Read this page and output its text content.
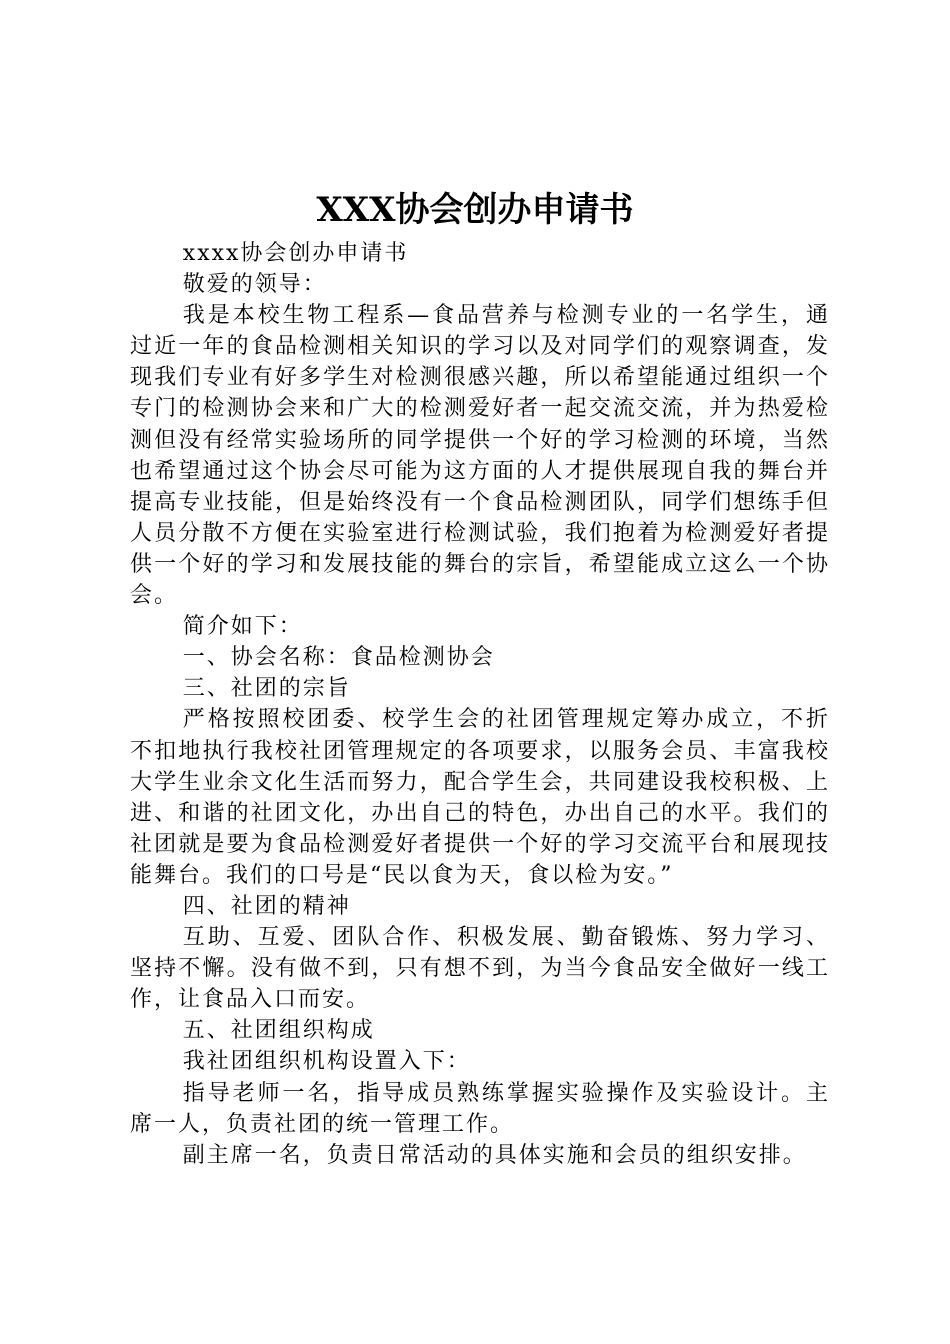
XXX协会创办申请书

xxxx协会创办申请书

敬爱的领导：

我是本校生物工程系—食品营养与检测专业的一名学生，通过近一年的食品检测相关知识的学习以及对同学们的观察调查，发现我们专业有好多学生对检测很感兴趣，所以希望能通过组织一个专门的检测协会来和广大的检测爱好者一起交流交流，并为热爱检测但没有经常实验场所的同学提供一个好的学习检测的环境，当然也希望通过这个协会尽可能为这方面的人才提供展现自我的舞台并提高专业技能，但是始终没有一个食品检测团队，同学们想练手但人员分散不方便在实验室进行检测试验，我们抱着为检测爱好者提供一个好的学习和发展技能的舞台的宗旨，希望能成立这么一个协会。

简介如下：

一、协会名称：食品检测协会

三、社团的宗旨

严格按照校团委、校学生会的社团管理规定筹办成立，不折不扣地执行我校社团管理规定的各项要求，以服务会员、丰富我校大学生业余文化生活而努力，配合学生会，共同建设我校积极、上进、和谐的社团文化，办出自己的特色，办出自己的水平。我们的社团就是要为食品检测爱好者提供一个好的学习交流平台和展现技能舞台。我们的口号是“民以食为天，食以检为安。”

四、社团的精神

互助、互爱、团队合作、积极发展、勤奋锻炼、努力学习、坚持不懈。没有做不到，只有想不到，为当今食品安全做好一线工作，让食品入口而安。

五、社团组织构成

我社团组织机构设置入下：

指导老师一名，指导成员熟练掌握实验操作及实验设计。主席一人，负责社团的统一管理工作。

副主席一名，负责日常活动的具体实施和会员的组织安排。
